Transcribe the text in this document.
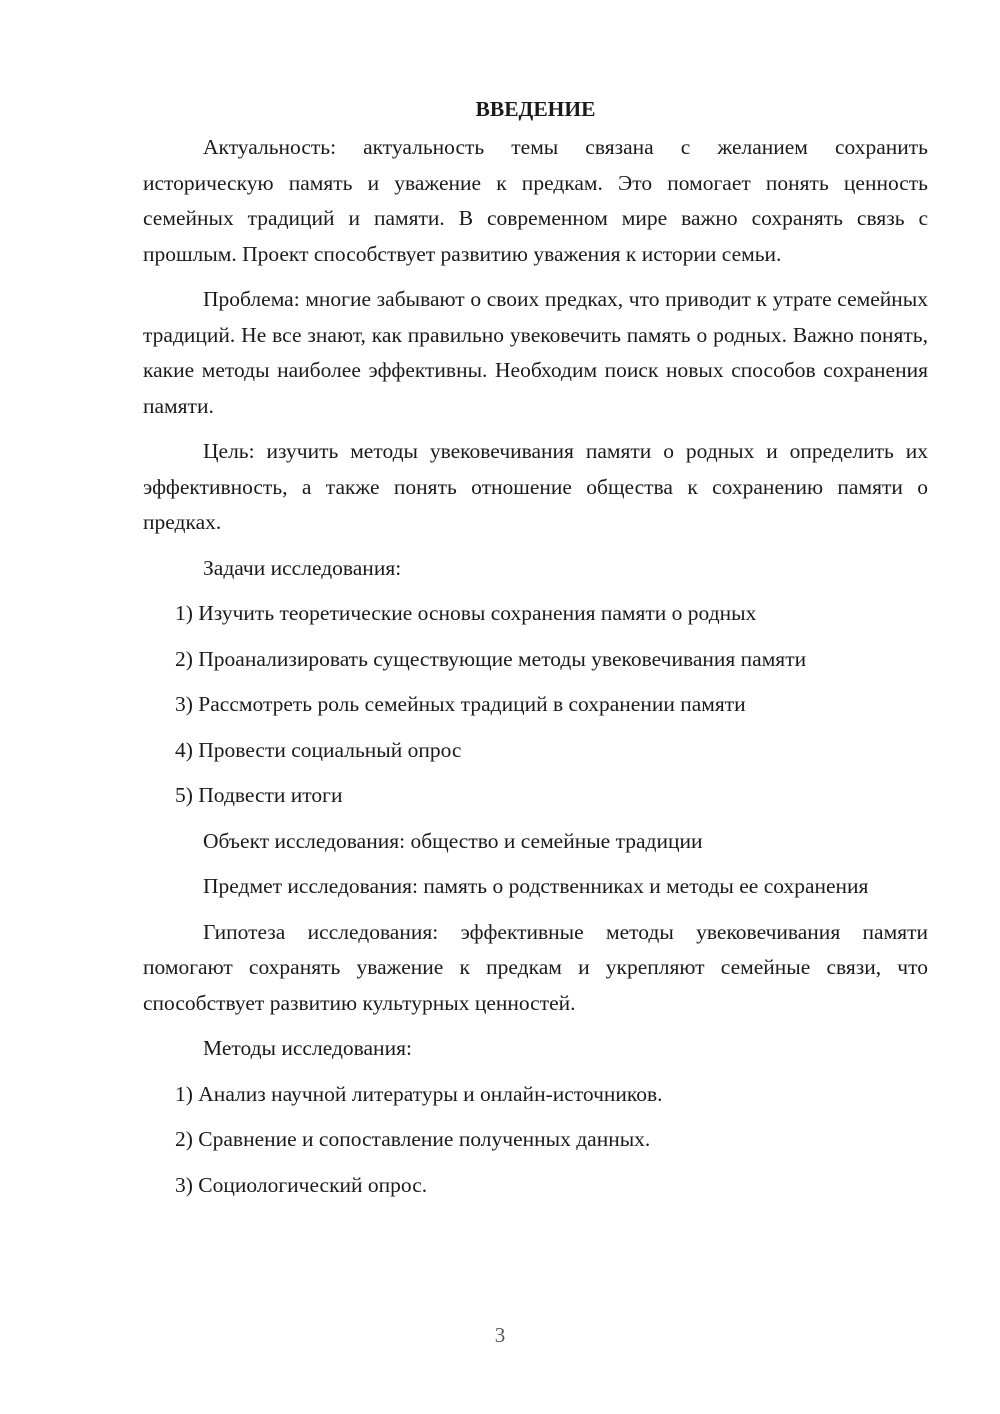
ВВЕДЕНИЕ

Актуальность: актуальность темы связана с желанием сохранить историческую память и уважение к предкам. Это помогает понять ценность семейных традиций и памяти. В современном мире важно сохранять связь с прошлым. Проект способствует развитию уважения к истории семьи.

Проблема: многие забывают о своих предках, что приводит к утрате семейных традиций. Не все знают, как правильно увековечить память о родных. Важно понять, какие методы наиболее эффективны. Необходим поиск новых способов сохранения памяти.

Цель: изучить методы увековечивания памяти о родных и определить их эффективность, а также понять отношение общества к сохранению памяти о предках.

Задачи исследования:

1) Изучить теоретические основы сохранения памяти о родных

2) Проанализировать существующие методы увековечивания памяти

3) Рассмотреть роль семейных традиций в сохранении памяти

4) Провести социальный опрос

5) Подвести итоги

Объект исследования: общество и семейные традиции

Предмет исследования: память о родственниках и методы ее сохранения

Гипотеза исследования: эффективные методы увековечивания памяти помогают сохранять уважение к предкам и укрепляют семейные связи, что способствует развитию культурных ценностей.

Методы исследования:

1) Анализ научной литературы и онлайн-источников.

2) Сравнение и сопоставление полученных данных.

3) Социологический опрос.

3
